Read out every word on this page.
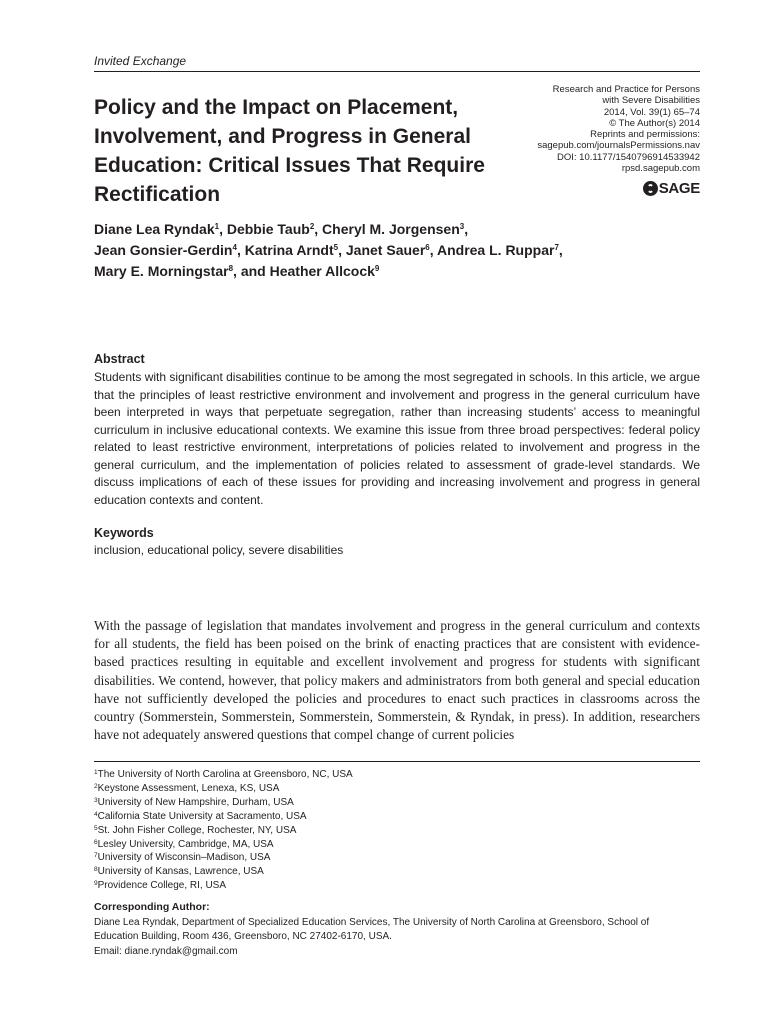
Invited Exchange
Policy and the Impact on Placement,
Involvement, and Progress in General
Education: Critical Issues That Require
Rectification
Research and Practice for Persons
with Severe Disabilities
2014, Vol. 39(1) 65–74
© The Author(s) 2014
Reprints and permissions:
sagepub.com/journalsPermissions.nav
DOI: 10.1177/1540796914533942
rpsd.sagepub.com
SAGE
Diane Lea Ryndak$^1$, Debbie Taub$^2$, Cheryl M. Jorgensen$^3$,
Jean Gonsier-Gerdin$^4$, Katrina Arndt$^5$, Janet Sauer$^6$, Andrea L. Ruppar$^7$,
Mary E. Morningstar$^8$, and Heather Allcock$^9$
Abstract
Students with significant disabilities continue to be among the most segregated in schools. In this article, we argue that the principles of least restrictive environment and involvement and progress in the general curriculum have been interpreted in ways that perpetuate segregation, rather than increasing students’ access to meaningful curriculum in inclusive educational contexts. We examine this issue from three broad perspectives: federal policy related to least restrictive environment, interpretations of policies related to involvement and progress in the general curriculum, and the implementation of policies related to assessment of grade-level standards. We discuss implications of each of these issues for providing and increasing involvement and progress in general education contexts and content.
Keywords
inclusion, educational policy, severe disabilities
With the passage of legislation that mandates involvement and progress in the general curriculum and contexts for all students, the field has been poised on the brink of enacting practices that are consistent with evidence-based practices resulting in equitable and excellent involvement and progress for students with significant disabilities. We contend, however, that policy makers and administrators from both general and special education have not sufficiently developed the policies and procedures to enact such practices in classrooms across the country (Sommerstein, Sommerstein, Sommerstein, Sommerstein, & Ryndak, in press). In addition, researchers have not adequately answered questions that compel change of current policies
$^1$The University of North Carolina at Greensboro, NC, USA
$^2$Keystone Assessment, Lenexa, KS, USA
$^3$University of New Hampshire, Durham, USA
$^4$California State University at Sacramento, USA
$^5$St. John Fisher College, Rochester, NY, USA
$^6$Lesley University, Cambridge, MA, USA
$^7$University of Wisconsin–Madison, USA
$^8$University of Kansas, Lawrence, USA
$^9$Providence College, RI, USA
Corresponding Author:
Diane Lea Ryndak, Department of Specialized Education Services, The University of North Carolina at Greensboro, School of
Education Building, Room 436, Greensboro, NC 27402-6170, USA.
Email: diane.ryndak@gmail.com
